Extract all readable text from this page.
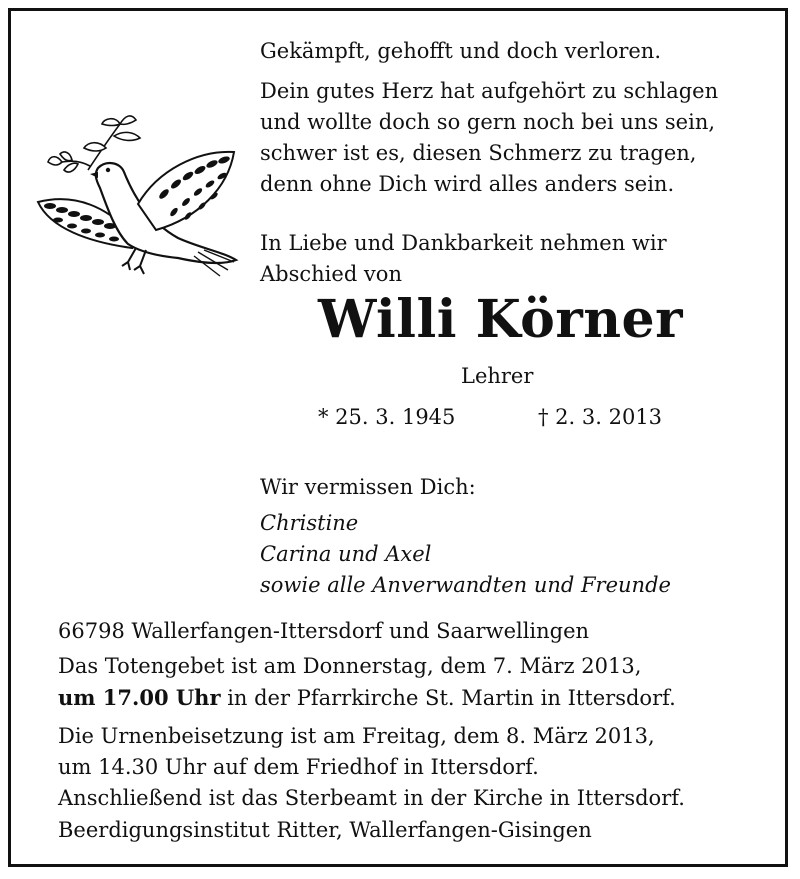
Gekämpft, gehofft und doch verloren.

Dein gutes Herz hat aufgehört zu schlagen
und wollte doch so gern noch bei uns sein,
schwer ist es, diesen Schmerz zu tragen,
denn ohne Dich wird alles anders sein.
In Liebe und Dankbarkeit nehmen wir
Abschied von
Willi Körner
Lehrer
* 25. 3. 1945	† 2. 3. 2013
Wir vermissen Dich:
Christine
Carina und Axel
sowie alle Anverwandten und Freunde
66798 Wallerfangen-Ittersdorf und Saarwellingen

Das Totengebet ist am Donnerstag, dem 7. März 2013,
um 17.00 Uhr in der Pfarrkirche St. Martin in Ittersdorf.

Die Urnenbeisetzung ist am Freitag, dem 8. März 2013,
um 14.30 Uhr auf dem Friedhof in Ittersdorf.
Anschließend ist das Sterbeamt in der Kirche in Ittersdorf.

Beerdigungsinstitut Ritter, Wallerfangen-Gisingen
